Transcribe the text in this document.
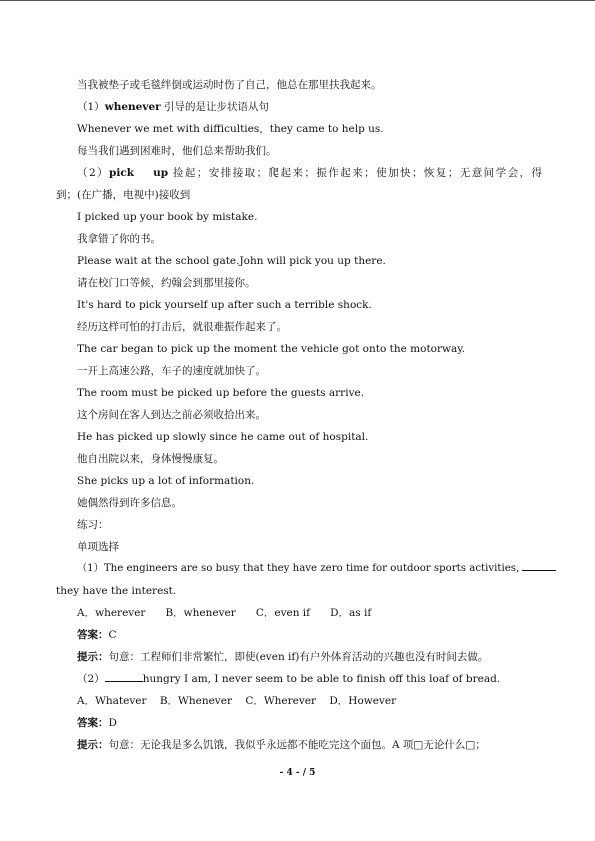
当我被垫子或毛毯绊倒或运动时伤了自己，他总在那里扶我起来。
（1）whenever 引导的是让步状语从句
Whenever we met with difficulties，they came to help us.
每当我们遇到困难时，他们总来帮助我们。
（2）pick up 捡起；安排接取；爬起来；振作起来；使加快；恢复；无意间学会，得
到；(在广播，电视中)接收到
I picked up your book by mistake.
我拿错了你的书。
Please wait at the school gate.John will pick you up there.
请在校门口等候，约翰会到那里接你。
It's hard to pick yourself up after such a terrible shock.
经历这样可怕的打击后，就很难振作起来了。
The car began to pick up the moment the vehicle got onto the motorway.
一开上高速公路，车子的速度就加快了。
The room must be picked up before the guests arrive.
这个房间在客人到达之前必须收拾出来。
He has picked up slowly since he came out of hospital.
他自出院以来，身体慢慢康复。
She picks up a lot of information.
她偶然得到许多信息。
练习：
单项选择
（1）The engineers are so busy that they have zero time for outdoor sports activities,
they have the interest.
A．wherever      B．whenever      C．even if      D．as if
答案：C
提示：句意：工程师们非常繁忙，即使(even if)有户外体育活动的兴趣也没有时间去做。
（2）	hungry I am, I never seem to be able to finish off this loaf of bread.
A．Whatever    B．Whenever    C．Wherever    D．However
答案：D
提示：句意：无论我是多么饥饿，我似乎永远都不能吃完这个面包。A 项□无论什么□；
- 4 - / 5
